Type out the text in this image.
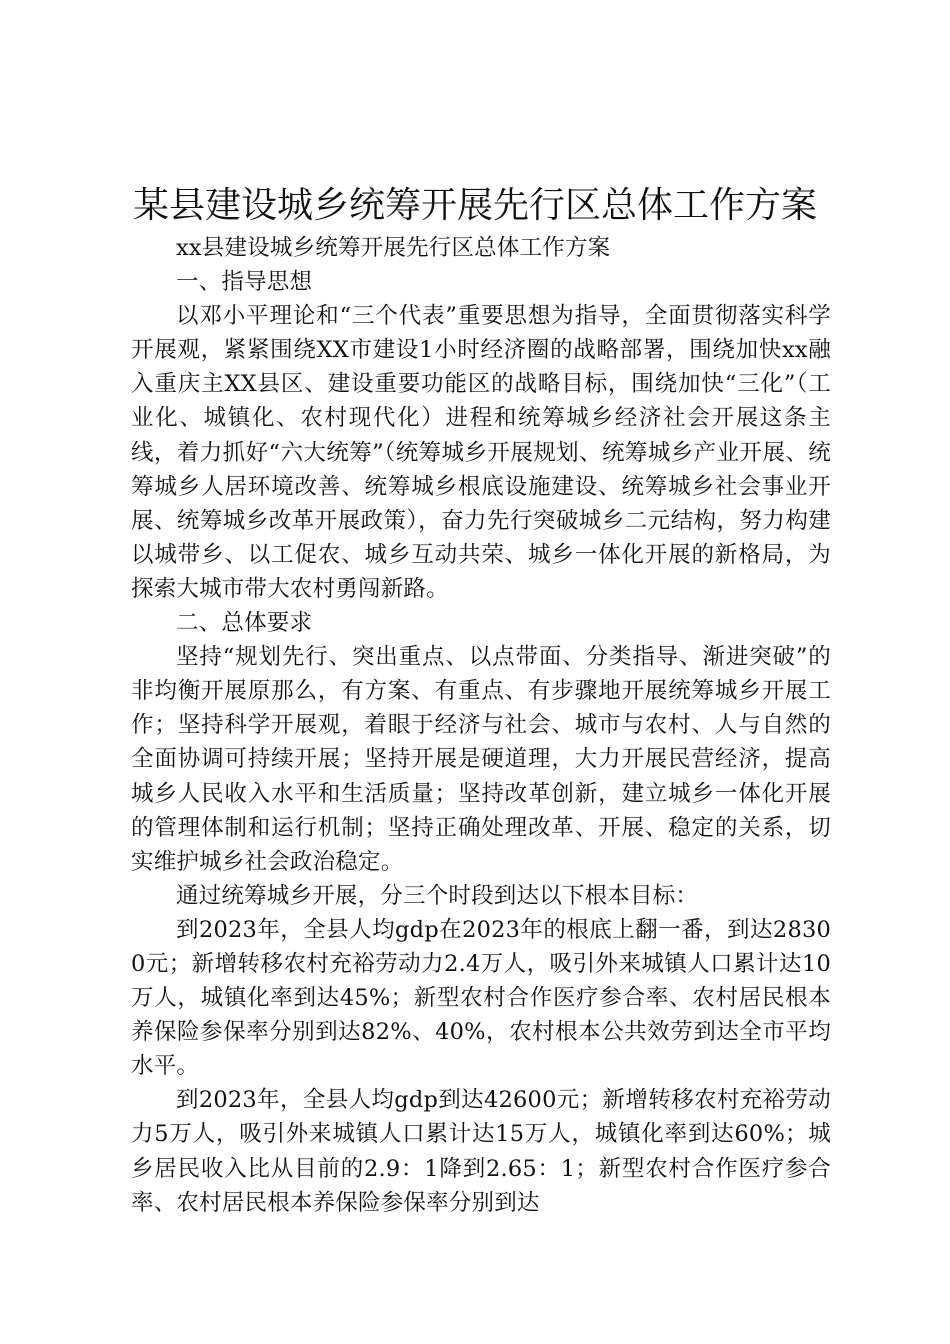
某县建设城乡统筹开展先行区总体工作方案

xx县建设城乡统筹开展先行区总体工作方案

一、指导思想

以邓小平理论和“三个代表”重要思想为指导，全面贯彻落实科学开展观，紧紧围绕XX市建设1小时经济圈的战略部署，围绕加快xx融入重庆主XX县区、建设重要功能区的战略目标，围绕加快“三化”（工业化、城镇化、农村现代化）进程和统筹城乡经济社会开展这条主线，着力抓好“六大统筹”（统筹城乡开展规划、统筹城乡产业开展、统筹城乡人居环境改善、统筹城乡根底设施建设、统筹城乡社会事业开展、统筹城乡改革开展政策），奋力先行突破城乡二元结构，努力构建以城带乡、以工促农、城乡互动共荣、城乡一体化开展的新格局，为探索大城市带大农村勇闯新路。

二、总体要求

坚持“规划先行、突出重点、以点带面、分类指导、渐进突破”的非均衡开展原那么，有方案、有重点、有步骤地开展统筹城乡开展工作；坚持科学开展观，着眼于经济与社会、城市与农村、人与自然的全面协调可持续开展；坚持开展是硬道理，大力开展民营经济，提高城乡人民收入水平和生活质量；坚持改革创新，建立城乡一体化开展的管理体制和运行机制；坚持正确处理改革、开展、稳定的关系，切实维护城乡社会政治稳定。

通过统筹城乡开展，分三个时段到达以下根本目标：

到2023年，全县人均gdp在2023年的根底上翻一番，到达28300元；新增转移农村充裕劳动力2.4万人，吸引外来城镇人口累计达10万人，城镇化率到达45%；新型农村合作医疗参合率、农村居民根本养保险参保率分别到达82%、40%，农村根本公共效劳到达全市平均水平。

到2023年，全县人均gdp到达42600元；新增转移农村充裕劳动力5万人，吸引外来城镇人口累计达15万人，城镇化率到达60%；城乡居民收入比从目前的2.9：1降到2.65：1；新型农村合作医疗参合率、农村居民根本养保险参保率分别到达
